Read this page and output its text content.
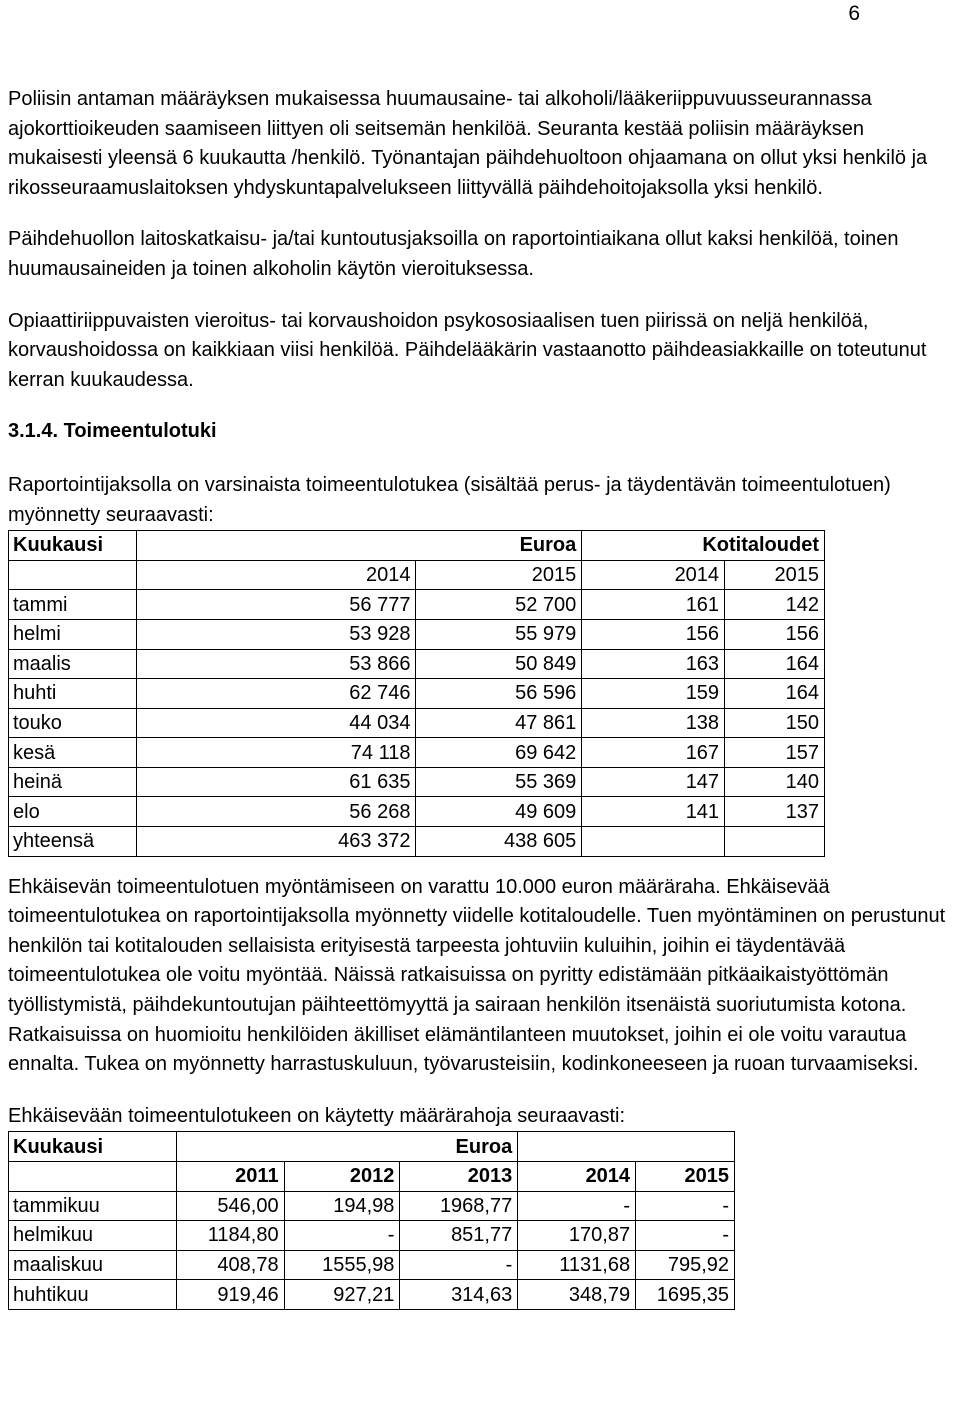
6

Poliisin antaman määräyksen mukaisessa huumausaine- tai alkoholi/lääkeriippuvuusseurannassa ajokorttioikeuden saamiseen liittyen oli seitsemän henkilöä. Seuranta kestää poliisin määräyksen mukaisesti yleensä 6 kuukautta /henkilö. Työnantajan päihdehuoltoon ohjaamana on ollut yksi henkilö ja rikosseuraamuslaitoksen yhdyskuntapalvelukseen liittyvällä päihdehoitojaksolla yksi henkilö.

Päihdehuollon laitoskatkaisu- ja/tai kuntoutusjaksoilla on raportointiaikana ollut kaksi henkilöä, toinen huumausaineiden ja toinen alkoholin käytön vieroituksessa.

Opiaattiriippuvaisten vieroitus- tai korvaushoidon psykososiaalisen tuen piirissä on neljä henkilöä, korvaushoidossa on kaikkiaan viisi henkilöä. Päihdelääkärin vastaanotto päihdeasiakkaille on toteutunut kerran kuukaudessa.

3.1.4. Toimeentulotuki

Raportointijaksolla on varsinaista toimeentulotukea (sisältää perus- ja täydentävän toimeentulotuen) myönnetty seuraavasti:

Kuukausi	Euroa		Kotitaloudet	
	2014	2015	2014	2015
tammi	56 777	52 700	161	142
helmi	53 928	55 979	156	156
maalis	53 866	50 849	163	164
huhti	62 746	56 596	159	164
touko	44 034	47 861	138	150
kesä	74 118	69 642	167	157
heinä	61 635	55 369	147	140
elo	56 268	49 609	141	137
yhteensä	463 372	438 605		

Ehkäisevän toimeentulotuen myöntämiseen on varattu 10.000 euron määräraha. Ehkäisevää toimeentulotukea on raportointijaksolla myönnetty viidelle kotitaloudelle. Tuen myöntäminen on perustunut henkilön tai kotitalouden sellaisista erityisestä tarpeesta johtuviin kuluihin, joihin ei täydentävää toimeentulotukea ole voitu myöntää. Näissä ratkaisuissa on pyritty edistämään pitkäaikaistyöttömän työllistymistä, päihdekuntoutujan päihteettömyyttä ja sairaan henkilön itsenäistä suoriutumista kotona. Ratkaisuissa on huomioitu henkilöiden äkilliset elämäntilanteen muutokset, joihin ei ole voitu varautua ennalta. Tukea on myönnetty harrastuskuluun, työvarusteisiin, kodinkoneeseen ja ruoan turvaamiseksi.

Ehkäisevään toimeentulotukeen on käytetty määrärahoja seuraavasti:

Kuukausi	Euroa				
	2011	2012	2013	2014	2015
tammikuu	546,00	194,98	1968,77	-	-
helmikuu	1184,80	-	851,77	170,87	-
maaliskuu	408,78	1555,98	-	1131,68	795,92
huhtikuu	919,46	927,21	314,63	348,79	1695,35
